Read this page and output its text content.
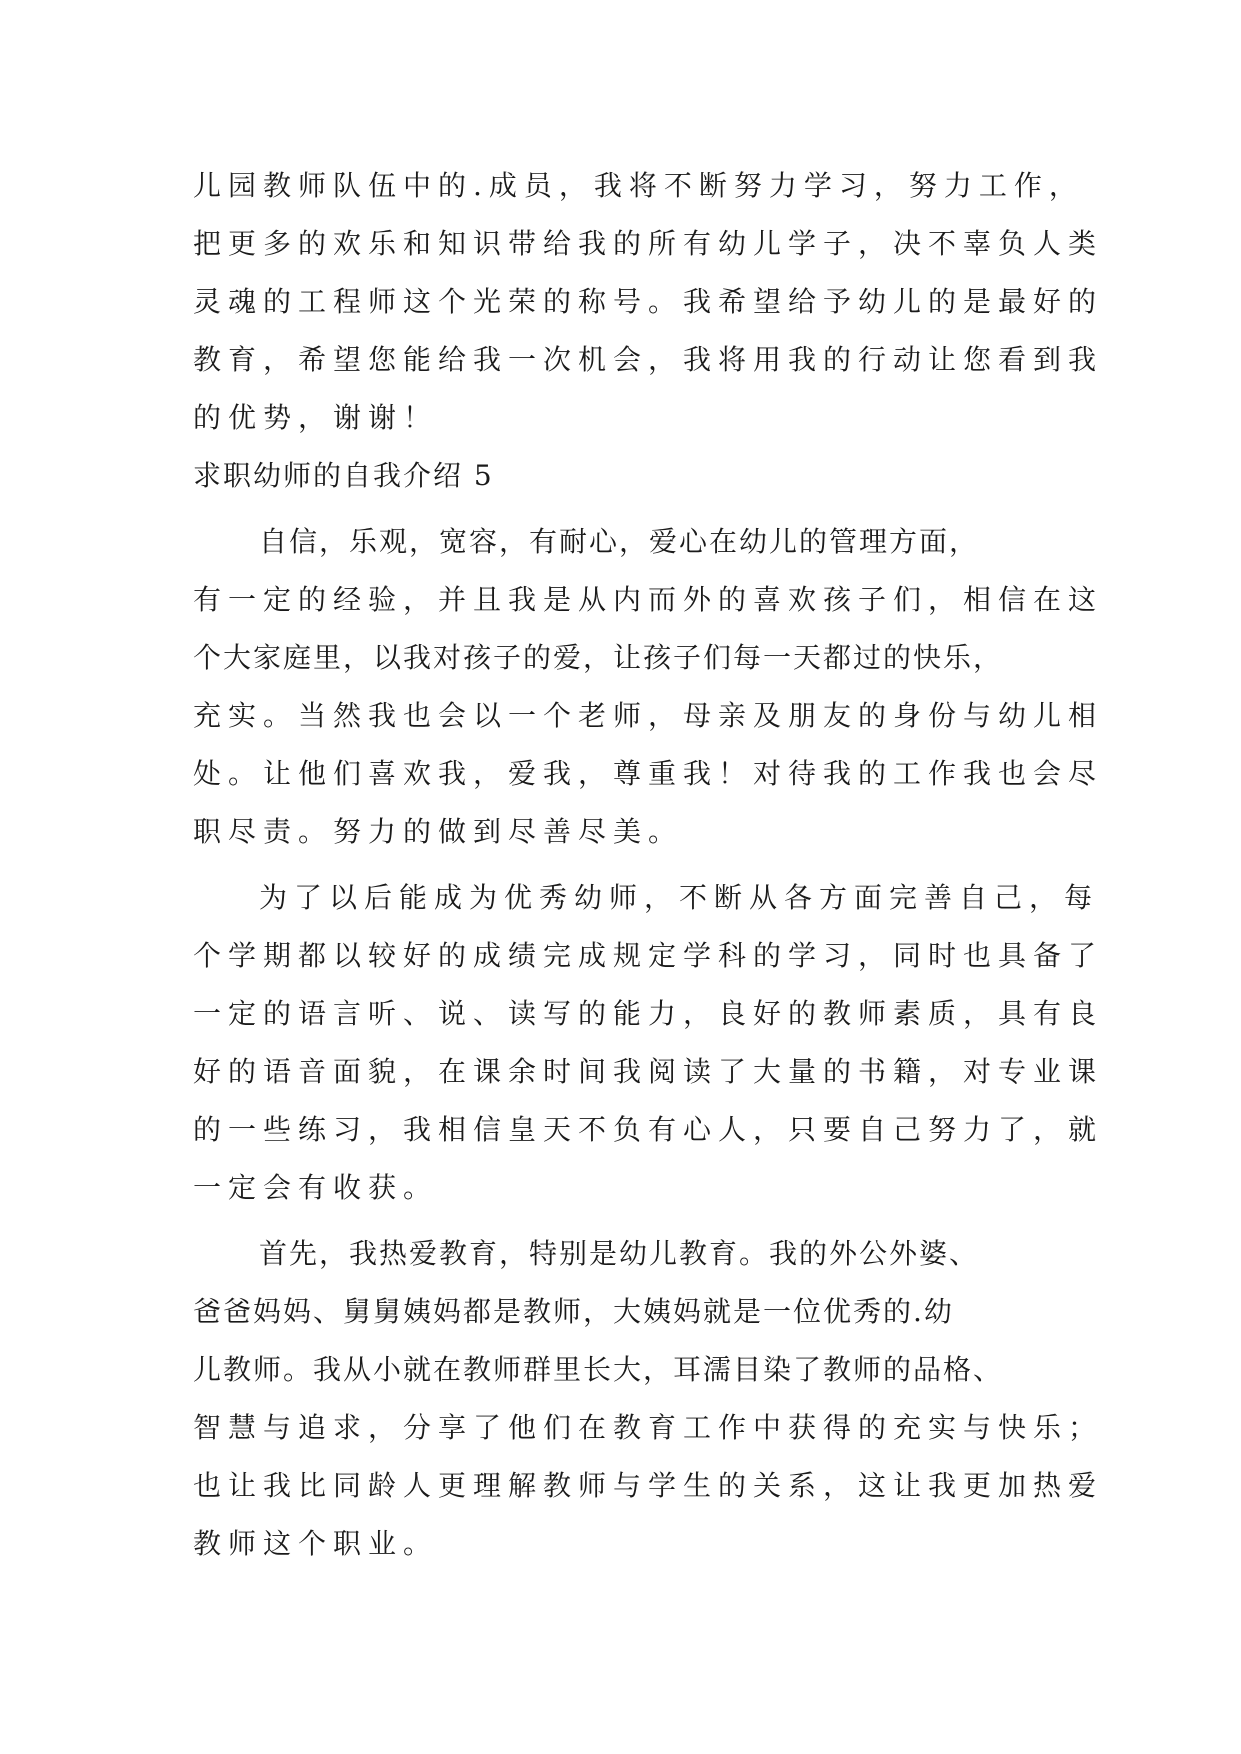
儿园教师队伍中的.成员，我将不断努力学习，努力工作，
把更多的欢乐和知识带给我的所有幼儿学子，决不辜负人类
灵魂的工程师这个光荣的称号。我希望给予幼儿的是最好的
教育，希望您能给我一次机会，我将用我的行动让您看到我
的优势，谢谢！
求职幼师的自我介绍 5
自信，乐观，宽容，有耐心，爱心在幼儿的管理方面，
有一定的经验，并且我是从内而外的喜欢孩子们，相信在这
个大家庭里，以我对孩子的爱，让孩子们每一天都过的快乐，
充实。当然我也会以一个老师，母亲及朋友的身份与幼儿相
处。让他们喜欢我，爱我，尊重我！对待我的工作我也会尽
职尽责。努力的做到尽善尽美。
为了以后能成为优秀幼师，不断从各方面完善自己，每
个学期都以较好的成绩完成规定学科的学习，同时也具备了
一定的语言听、说、读写的能力，良好的教师素质，具有良
好的语音面貌，在课余时间我阅读了大量的书籍，对专业课
的一些练习，我相信皇天不负有心人，只要自己努力了，就
一定会有收获。
首先，我热爱教育，特别是幼儿教育。我的外公外婆、
爸爸妈妈、舅舅姨妈都是教师，大姨妈就是一位优秀的.幼
儿教师。我从小就在教师群里长大，耳濡目染了教师的品格、
智慧与追求，分享了他们在教育工作中获得的充实与快乐；
也让我比同龄人更理解教师与学生的关系，这让我更加热爱
教师这个职业。
